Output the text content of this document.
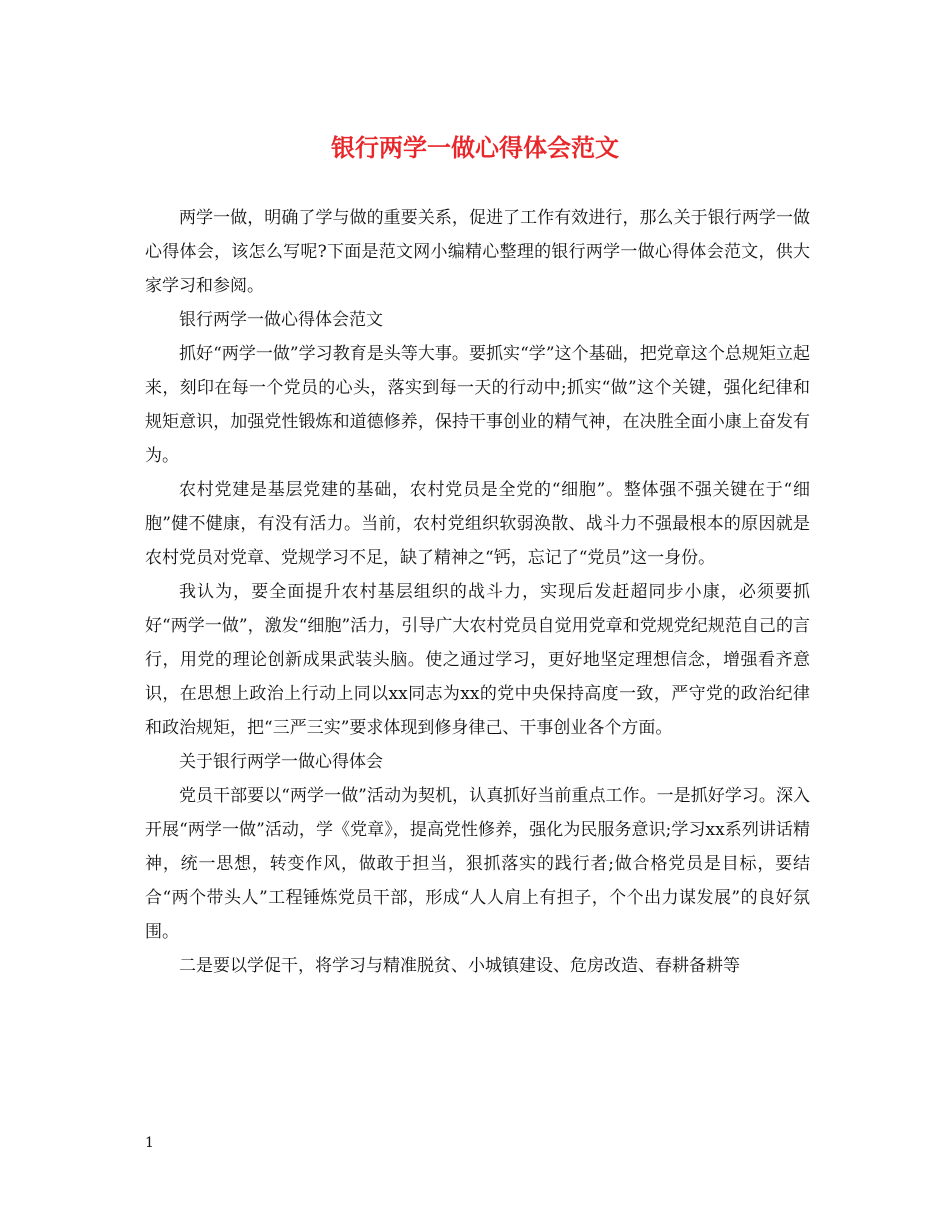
银行两学一做心得体会范文

两学一做，明确了学与做的重要关系，促进了工作有效进行，那么关于银行两学一做心得体会，该怎么写呢?下面是范文网小编精心整理的银行两学一做心得体会范文，供大家学习和参阅。

银行两学一做心得体会范文

抓好“两学一做”学习教育是头等大事。要抓实“学”这个基础，把党章这个总规矩立起来，刻印在每一个党员的心头，落实到每一天的行动中;抓实“做”这个关键，强化纪律和规矩意识，加强党性锻炼和道德修养，保持干事创业的精气神，在决胜全面小康上奋发有为。

农村党建是基层党建的基础，农村党员是全党的“细胞”。整体强不强关键在于“细胞”健不健康，有没有活力。当前，农村党组织软弱涣散、战斗力不强最根本的原因就是农村党员对党章、党规学习不足，缺了精神之“钙，忘记了“党员”这一身份。

我认为，要全面提升农村基层组织的战斗力，实现后发赶超同步小康，必须要抓好“两学一做”，激发“细胞”活力，引导广大农村党员自觉用党章和党规党纪规范自己的言行，用党的理论创新成果武装头脑。使之通过学习，更好地坚定理想信念，增强看齐意识，在思想上政治上行动上同以xx同志为xx的党中央保持高度一致，严守党的政治纪律和政治规矩，把“三严三实”要求体现到修身律己、干事创业各个方面。

关于银行两学一做心得体会

党员干部要以“两学一做”活动为契机，认真抓好当前重点工作。一是抓好学习。深入开展“两学一做”活动，学《党章》，提高党性修养，强化为民服务意识;学习xx系列讲话精神，统一思想，转变作风，做敢于担当，狠抓落实的践行者;做合格党员是目标，要结合“两个带头人”工程锤炼党员干部，形成“人人肩上有担子，个个出力谋发展”的良好氛围。

二是要以学促干，将学习与精准脱贫、小城镇建设、危房改造、春耕备耕等

1
